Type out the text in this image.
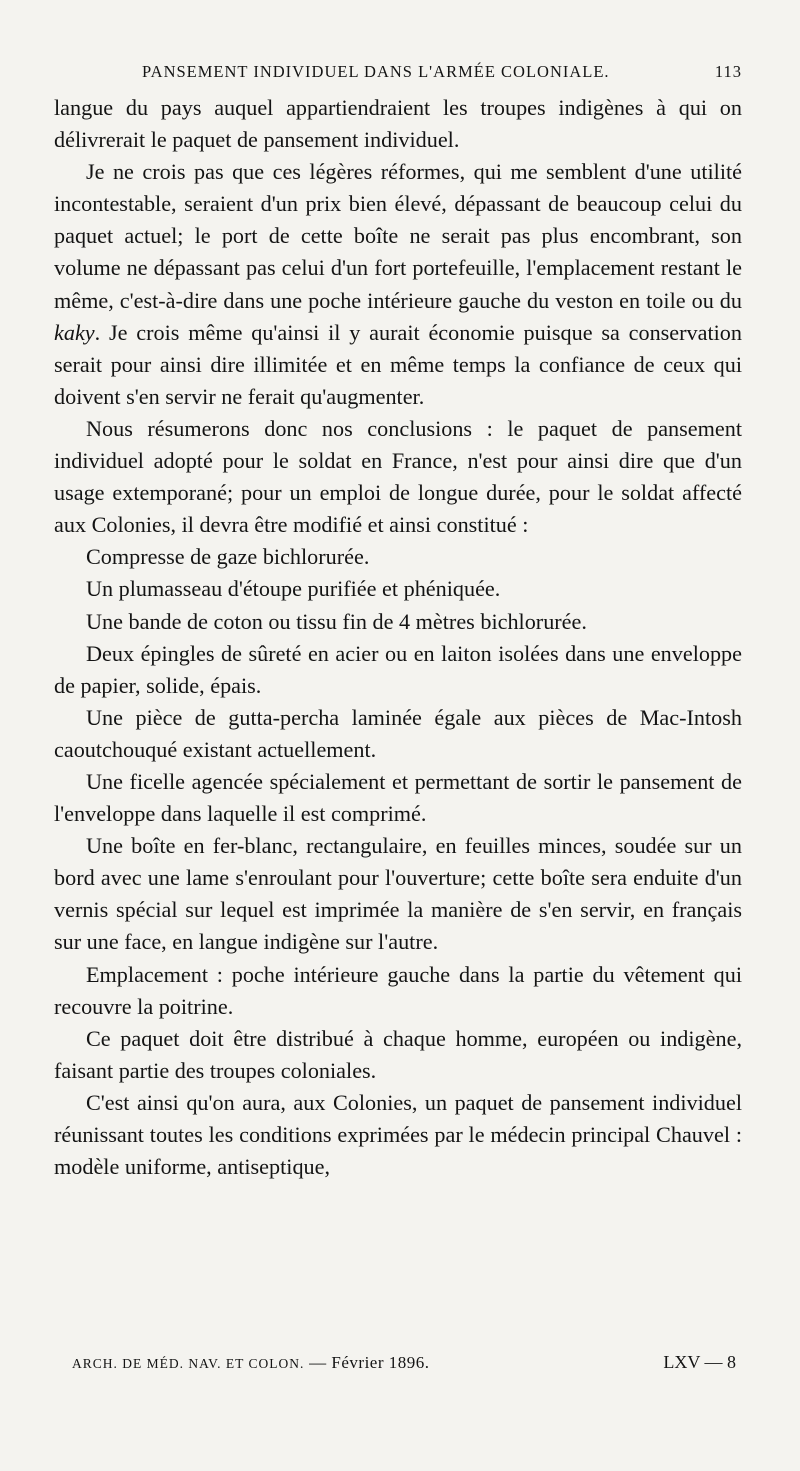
PANSEMENT INDIVIDUEL DANS L'ARMÉE COLONIALE.	113

langue du pays auquel appartiendraient les troupes indigènes à qui on délivrerait le paquet de pansement individuel.

Je ne crois pas que ces légères réformes, qui me semblent d'une utilité incontestable, seraient d'un prix bien élevé, dépassant de beaucoup celui du paquet actuel; le port de cette boîte ne serait pas plus encombrant, son volume ne dépassant pas celui d'un fort portefeuille, l'emplacement restant le même, c'est-à-dire dans une poche intérieure gauche du veston en toile ou du kaky. Je crois même qu'ainsi il y aurait économie puisque sa conservation serait pour ainsi dire illimitée et en même temps la confiance de ceux qui doivent s'en servir ne ferait qu'augmenter.

Nous résumerons donc nos conclusions : le paquet de pansement individuel adopté pour le soldat en France, n'est pour ainsi dire que d'un usage extemporané; pour un emploi de longue durée, pour le soldat affecté aux Colonies, il devra être modifié et ainsi constitué :

Compresse de gaze bichlorurée.

Un plumasseau d'étoupe purifiée et phéniquée.

Une bande de coton ou tissu fin de 4 mètres bichlorurée.

Deux épingles de sûreté en acier ou en laiton isolées dans une enveloppe de papier, solide, épais.

Une pièce de gutta-percha laminée égale aux pièces de Mac-Intosh caoutchouqué existant actuellement.

Une ficelle agencée spécialement et permettant de sortir le pansement de l'enveloppe dans laquelle il est comprimé.

Une boîte en fer-blanc, rectangulaire, en feuilles minces, soudée sur un bord avec une lame s'enroulant pour l'ouverture; cette boîte sera enduite d'un vernis spécial sur lequel est imprimée la manière de s'en servir, en français sur une face, en langue indigène sur l'autre.

Emplacement : poche intérieure gauche dans la partie du vêtement qui recouvre la poitrine.

Ce paquet doit être distribué à chaque homme, européen ou indigène, faisant partie des troupes coloniales.

C'est ainsi qu'on aura, aux Colonies, un paquet de pansement individuel réunissant toutes les conditions exprimées par le médecin principal Chauvel : modèle uniforme, antiseptique,

ARCH. DE MÉD. NAV. ET COLON. — Février 1896.	LXV — 8
